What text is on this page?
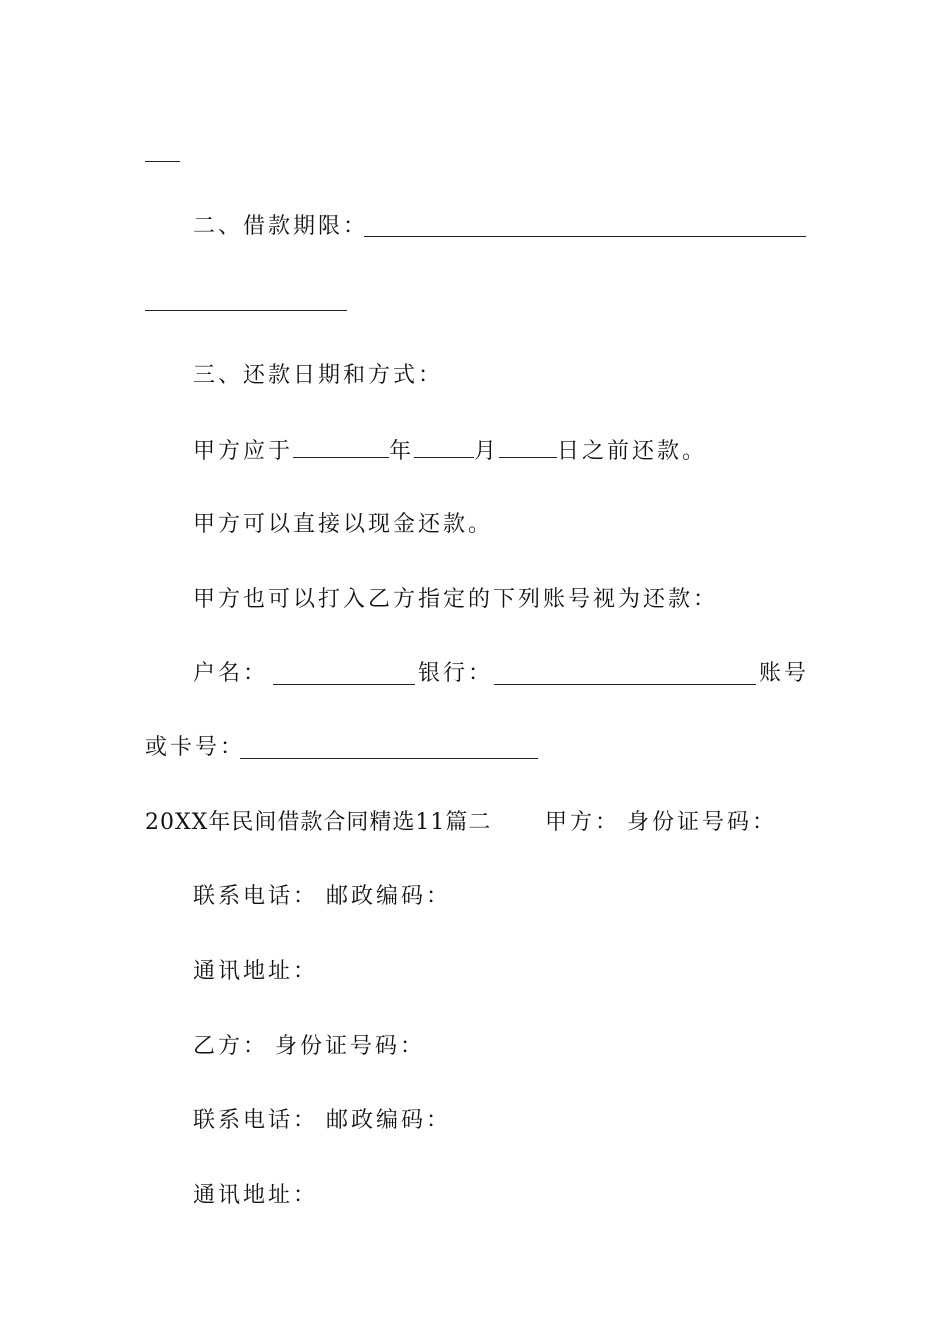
二、借款期限：
三、还款日期和方式：
甲方应于	年	月	日之前还款。
甲方可以直接以现金还款。
甲方也可以打入乙方指定的下列账号视为还款：
户名：	银行：	账号
或卡号：
20XX年民间借款合同精选11篇二 甲方： 身份证号码：
联系电话： 邮政编码：
通讯地址：
乙方： 身份证号码：
联系电话： 邮政编码：
通讯地址：
